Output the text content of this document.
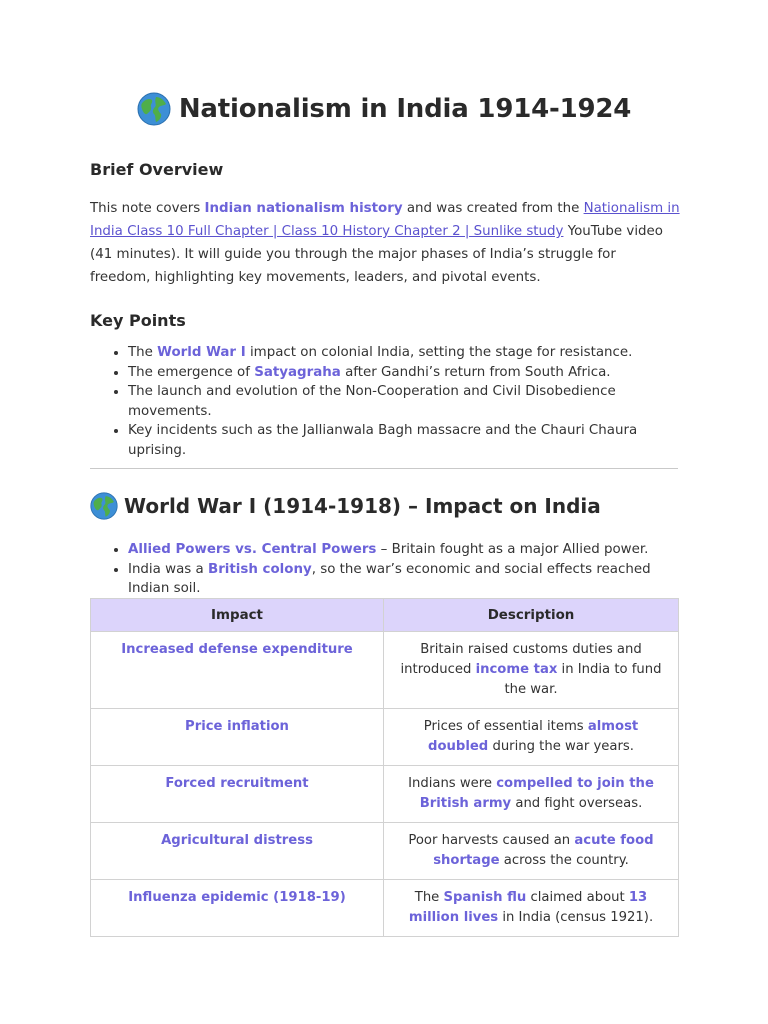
Nationalism in India 1914-1924
Brief Overview
This note covers Indian nationalism history and was created from the Nationalism in India Class 10 Full Chapter | Class 10 History Chapter 2 | Sunlike study YouTube video (41 minutes). It will guide you through the major phases of India’s struggle for freedom, highlighting key movements, leaders, and pivotal events.
Key Points
• The World War I impact on colonial India, setting the stage for resistance.
• The emergence of Satyagraha after Gandhi’s return from South Africa.
• The launch and evolution of the Non-Cooperation and Civil Disobedience movements.
• Key incidents such as the Jallianwala Bagh massacre and the Chauri Chaura uprising.
World War I (1914-1918) – Impact on India
• Allied Powers vs. Central Powers – Britain fought as a major Allied power.
• India was a British colony, so the war’s economic and social effects reached Indian soil.
Impact	Description
Increased defense expenditure	Britain raised customs duties and introduced income tax in India to fund the war.
Price inflation	Prices of essential items almost doubled during the war years.
Forced recruitment	Indians were compelled to join the British army and fight overseas.
Agricultural distress	Poor harvests caused an acute food shortage across the country.
Influenza epidemic (1918-19)	The Spanish flu claimed about 13 million lives in India (census 1921).
